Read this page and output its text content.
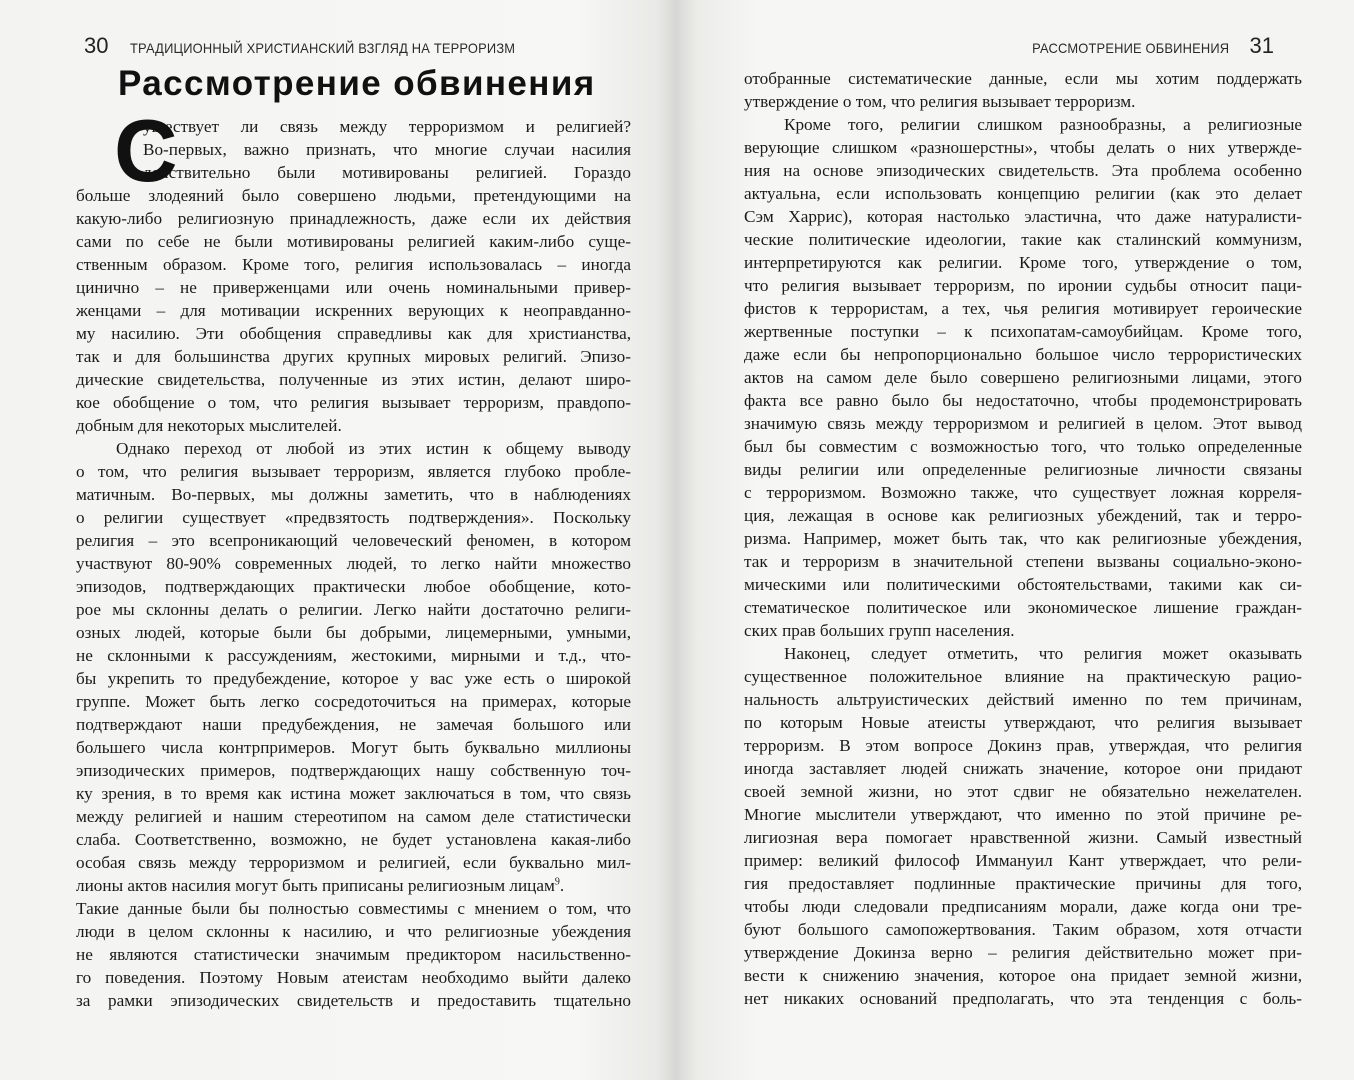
30 ТРАДИЦИОННЫЙ ХРИСТИАНСКИЙ ВЗГЛЯД НА ТЕРРОРИЗМ
Рассмотрение обвинения
С
уществует ли связь между терроризмом и религией?
Во-первых, важно признать, что многие случаи насилия
действительно были мотивированы религией. Гораздо
больше злодеяний было совершено людьми, претендующими на
какую-либо религиозную принадлежность, даже если их действия
сами по себе не были мотивированы религией каким-либо суще-
ственным образом. Кроме того, религия использовалась – иногда
цинично – не приверженцами или очень номинальными привер-
женцами – для мотивации искренних верующих к неоправданно-
му насилию. Эти обобщения справедливы как для христианства,
так и для большинства других крупных мировых религий. Эпизо-
дические свидетельства, полученные из этих истин, делают широ-
кое обобщение о том, что религия вызывает терроризм, правдопо-
добным для некоторых мыслителей.
Однако переход от любой из этих истин к общему выводу
о том, что религия вызывает терроризм, является глубоко пробле-
матичным. Во-первых, мы должны заметить, что в наблюдениях
о религии существует «предвзятость подтверждения». Поскольку
религия – это всепроникающий человеческий феномен, в котором
участвуют 80-90% современных людей, то легко найти множество
эпизодов, подтверждающих практически любое обобщение, кото-
рое мы склонны делать о религии. Легко найти достаточно религи-
озных людей, которые были бы добрыми, лицемерными, умными,
не склонными к рассуждениям, жестокими, мирными и т.д., что-
бы укрепить то предубеждение, которое у вас уже есть о широкой
группе. Может быть легко сосредоточиться на примерах, которые
подтверждают наши предубеждения, не замечая большого или
большего числа контрпримеров. Могут быть буквально миллионы
эпизодических примеров, подтверждающих нашу собственную точ-
ку зрения, в то время как истина может заключаться в том, что связь
между религией и нашим стереотипом на самом деле статистически
слаба. Соответственно, возможно, не будет установлена какая-либо
особая связь между терроризмом и религией, если буквально мил-
лионы актов насилия могут быть приписаны религиозным лицам$^9$.
Такие данные были бы полностью совместимы с мнением о том, что
люди в целом склонны к насилию, и что религиозные убеждения
не являются статистически значимым предиктором насильственно-
го поведения. Поэтому Новым атеистам необходимо выйти далеко
за рамки эпизодических свидетельств и предоставить тщательно
РАССМОТРЕНИЕ ОБВИНЕНИЯ 31
отобранные систематические данные, если мы хотим поддержать
утверждение о том, что религия вызывает терроризм.
Кроме того, религии слишком разнообразны, а религиозные
верующие слишком «разношерстны», чтобы делать о них утвержде-
ния на основе эпизодических свидетельств. Эта проблема особенно
актуальна, если использовать концепцию религии (как это делает
Сэм Харрис), которая настолько эластична, что даже натуралисти-
ческие политические идеологии, такие как сталинский коммунизм,
интерпретируются как религии. Кроме того, утверждение о том,
что религия вызывает терроризм, по иронии судьбы относит паци-
фистов к террористам, а тех, чья религия мотивирует героические
жертвенные поступки – к психопатам-самоубийцам. Кроме того,
даже если бы непропорционально большое число террористических
актов на самом деле было совершено религиозными лицами, этого
факта все равно было бы недостаточно, чтобы продемонстрировать
значимую связь между терроризмом и религией в целом. Этот вывод
был бы совместим с возможностью того, что только определенные
виды религии или определенные религиозные личности связаны
с терроризмом. Возможно также, что существует ложная корреля-
ция, лежащая в основе как религиозных убеждений, так и терро-
ризма. Например, может быть так, что как религиозные убеждения,
так и терроризм в значительной степени вызваны социально-эконо-
мическими или политическими обстоятельствами, такими как си-
стематическое политическое или экономическое лишение граждан-
ских прав больших групп населения.
Наконец, следует отметить, что религия может оказывать
существенное положительное влияние на практическую рацио-
нальность альтруистических действий именно по тем причинам,
по которым Новые атеисты утверждают, что религия вызывает
терроризм. В этом вопросе Докинз прав, утверждая, что религия
иногда заставляет людей снижать значение, которое они придают
своей земной жизни, но этот сдвиг не обязательно нежелателен.
Многие мыслители утверждают, что именно по этой причине ре-
лигиозная вера помогает нравственной жизни. Самый известный
пример: великий философ Иммануил Кант утверждает, что рели-
гия предоставляет подлинные практические причины для того,
чтобы люди следовали предписаниям морали, даже когда они тре-
буют большого самопожертвования. Таким образом, хотя отчасти
утверждение Докинза верно – религия действительно может при-
вести к снижению значения, которое она придает земной жизни,
нет никаких оснований предполагать, что эта тенденция с боль-
